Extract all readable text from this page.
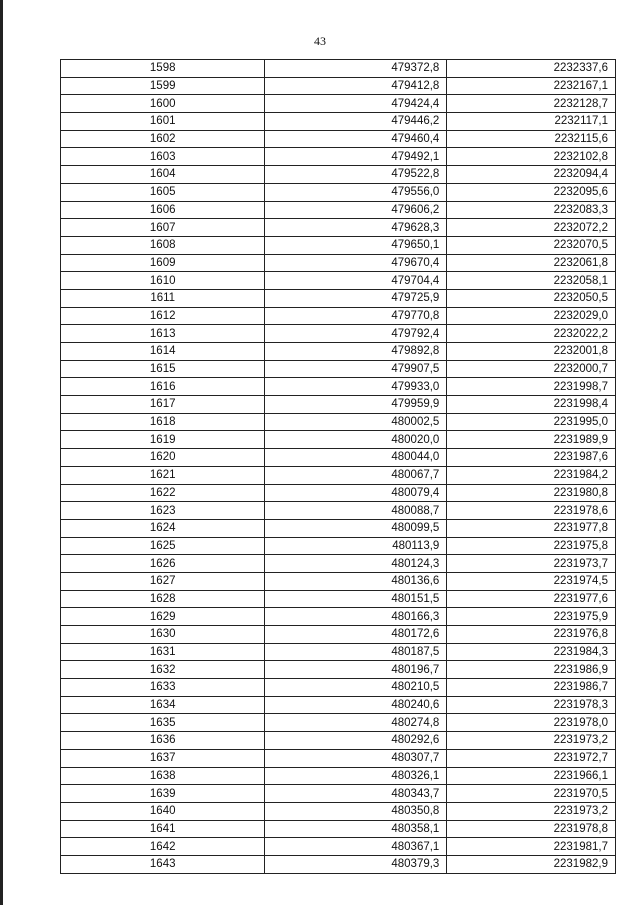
43
1598	479372,8	2232337,6
1599	479412,8	2232167,1
1600	479424,4	2232128,7
1601	479446,2	2232117,1
1602	479460,4	2232115,6
1603	479492,1	2232102,8
1604	479522,8	2232094,4
1605	479556,0	2232095,6
1606	479606,2	2232083,3
1607	479628,3	2232072,2
1608	479650,1	2232070,5
1609	479670,4	2232061,8
1610	479704,4	2232058,1
1611	479725,9	2232050,5
1612	479770,8	2232029,0
1613	479792,4	2232022,2
1614	479892,8	2232001,8
1615	479907,5	2232000,7
1616	479933,0	2231998,7
1617	479959,9	2231998,4
1618	480002,5	2231995,0
1619	480020,0	2231989,9
1620	480044,0	2231987,6
1621	480067,7	2231984,2
1622	480079,4	2231980,8
1623	480088,7	2231978,6
1624	480099,5	2231977,8
1625	480113,9	2231975,8
1626	480124,3	2231973,7
1627	480136,6	2231974,5
1628	480151,5	2231977,6
1629	480166,3	2231975,9
1630	480172,6	2231976,8
1631	480187,5	2231984,3
1632	480196,7	2231986,9
1633	480210,5	2231986,7
1634	480240,6	2231978,3
1635	480274,8	2231978,0
1636	480292,6	2231973,2
1637	480307,7	2231972,7
1638	480326,1	2231966,1
1639	480343,7	2231970,5
1640	480350,8	2231973,2
1641	480358,1	2231978,8
1642	480367,1	2231981,7
1643	480379,3	2231982,9
